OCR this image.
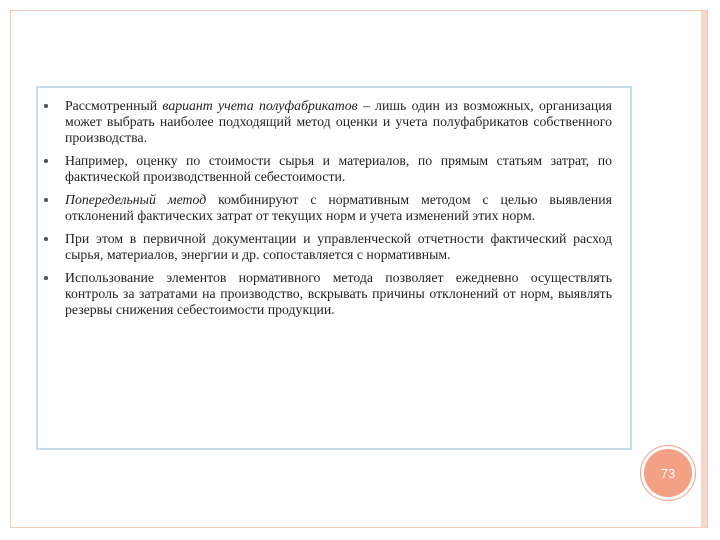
Рассмотренный вариант учета полуфабрикатов – лишь один из возможных, организация может выбрать наиболее подходящий метод оценки и учета полуфабрикатов собственного производства.
Например, оценку по стоимости сырья и материалов, по прямым статьям затрат, по фактической производственной себестоимости.
Попередельный метод комбинируют с нормативным методом с целью выявления отклонений фактических затрат от текущих норм и учета изменений этих норм.
При этом в первичной документации и управленческой отчетности фактический расход сырья, материалов, энергии и др. сопоставляется с нормативным.
Использование элементов нормативного метода позволяет ежедневно осуществлять контроль за затратами на производство, вскрывать причины отклонений от норм, выявлять резервы снижения себестоимости продукции.
73
